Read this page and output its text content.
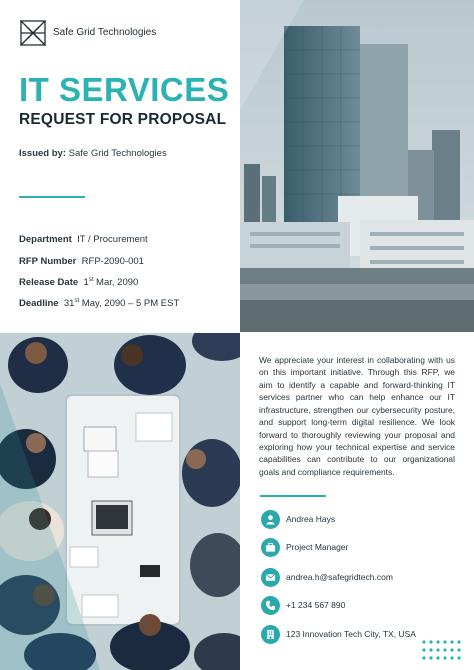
Safe Grid Technologies
IT SERVICES
REQUEST FOR PROPOSAL
Issued by: Safe Grid Technologies
Department IT / Procurement
RFP Number RFP-2090-001
Release Date 1st Mar, 2090
Deadline 31st May, 2090 – 5 PM EST
We appreciate your interest in collaborating with us on this important initiative. Through this RFP, we aim to identify a capable and forward-thinking IT services partner who can help enhance our IT infrastructure, strengthen our cybersecurity posture, and support long-term digital resilience. We look forward to thoroughly reviewing your proposal and exploring how your technical expertise and service capabilities can contribute to our organizational goals and compliance requirements.
Andrea Hays
Project Manager
andrea.h@safegridtech.com
+1 234 567 890
123 Innovation Tech City, TX, USA
